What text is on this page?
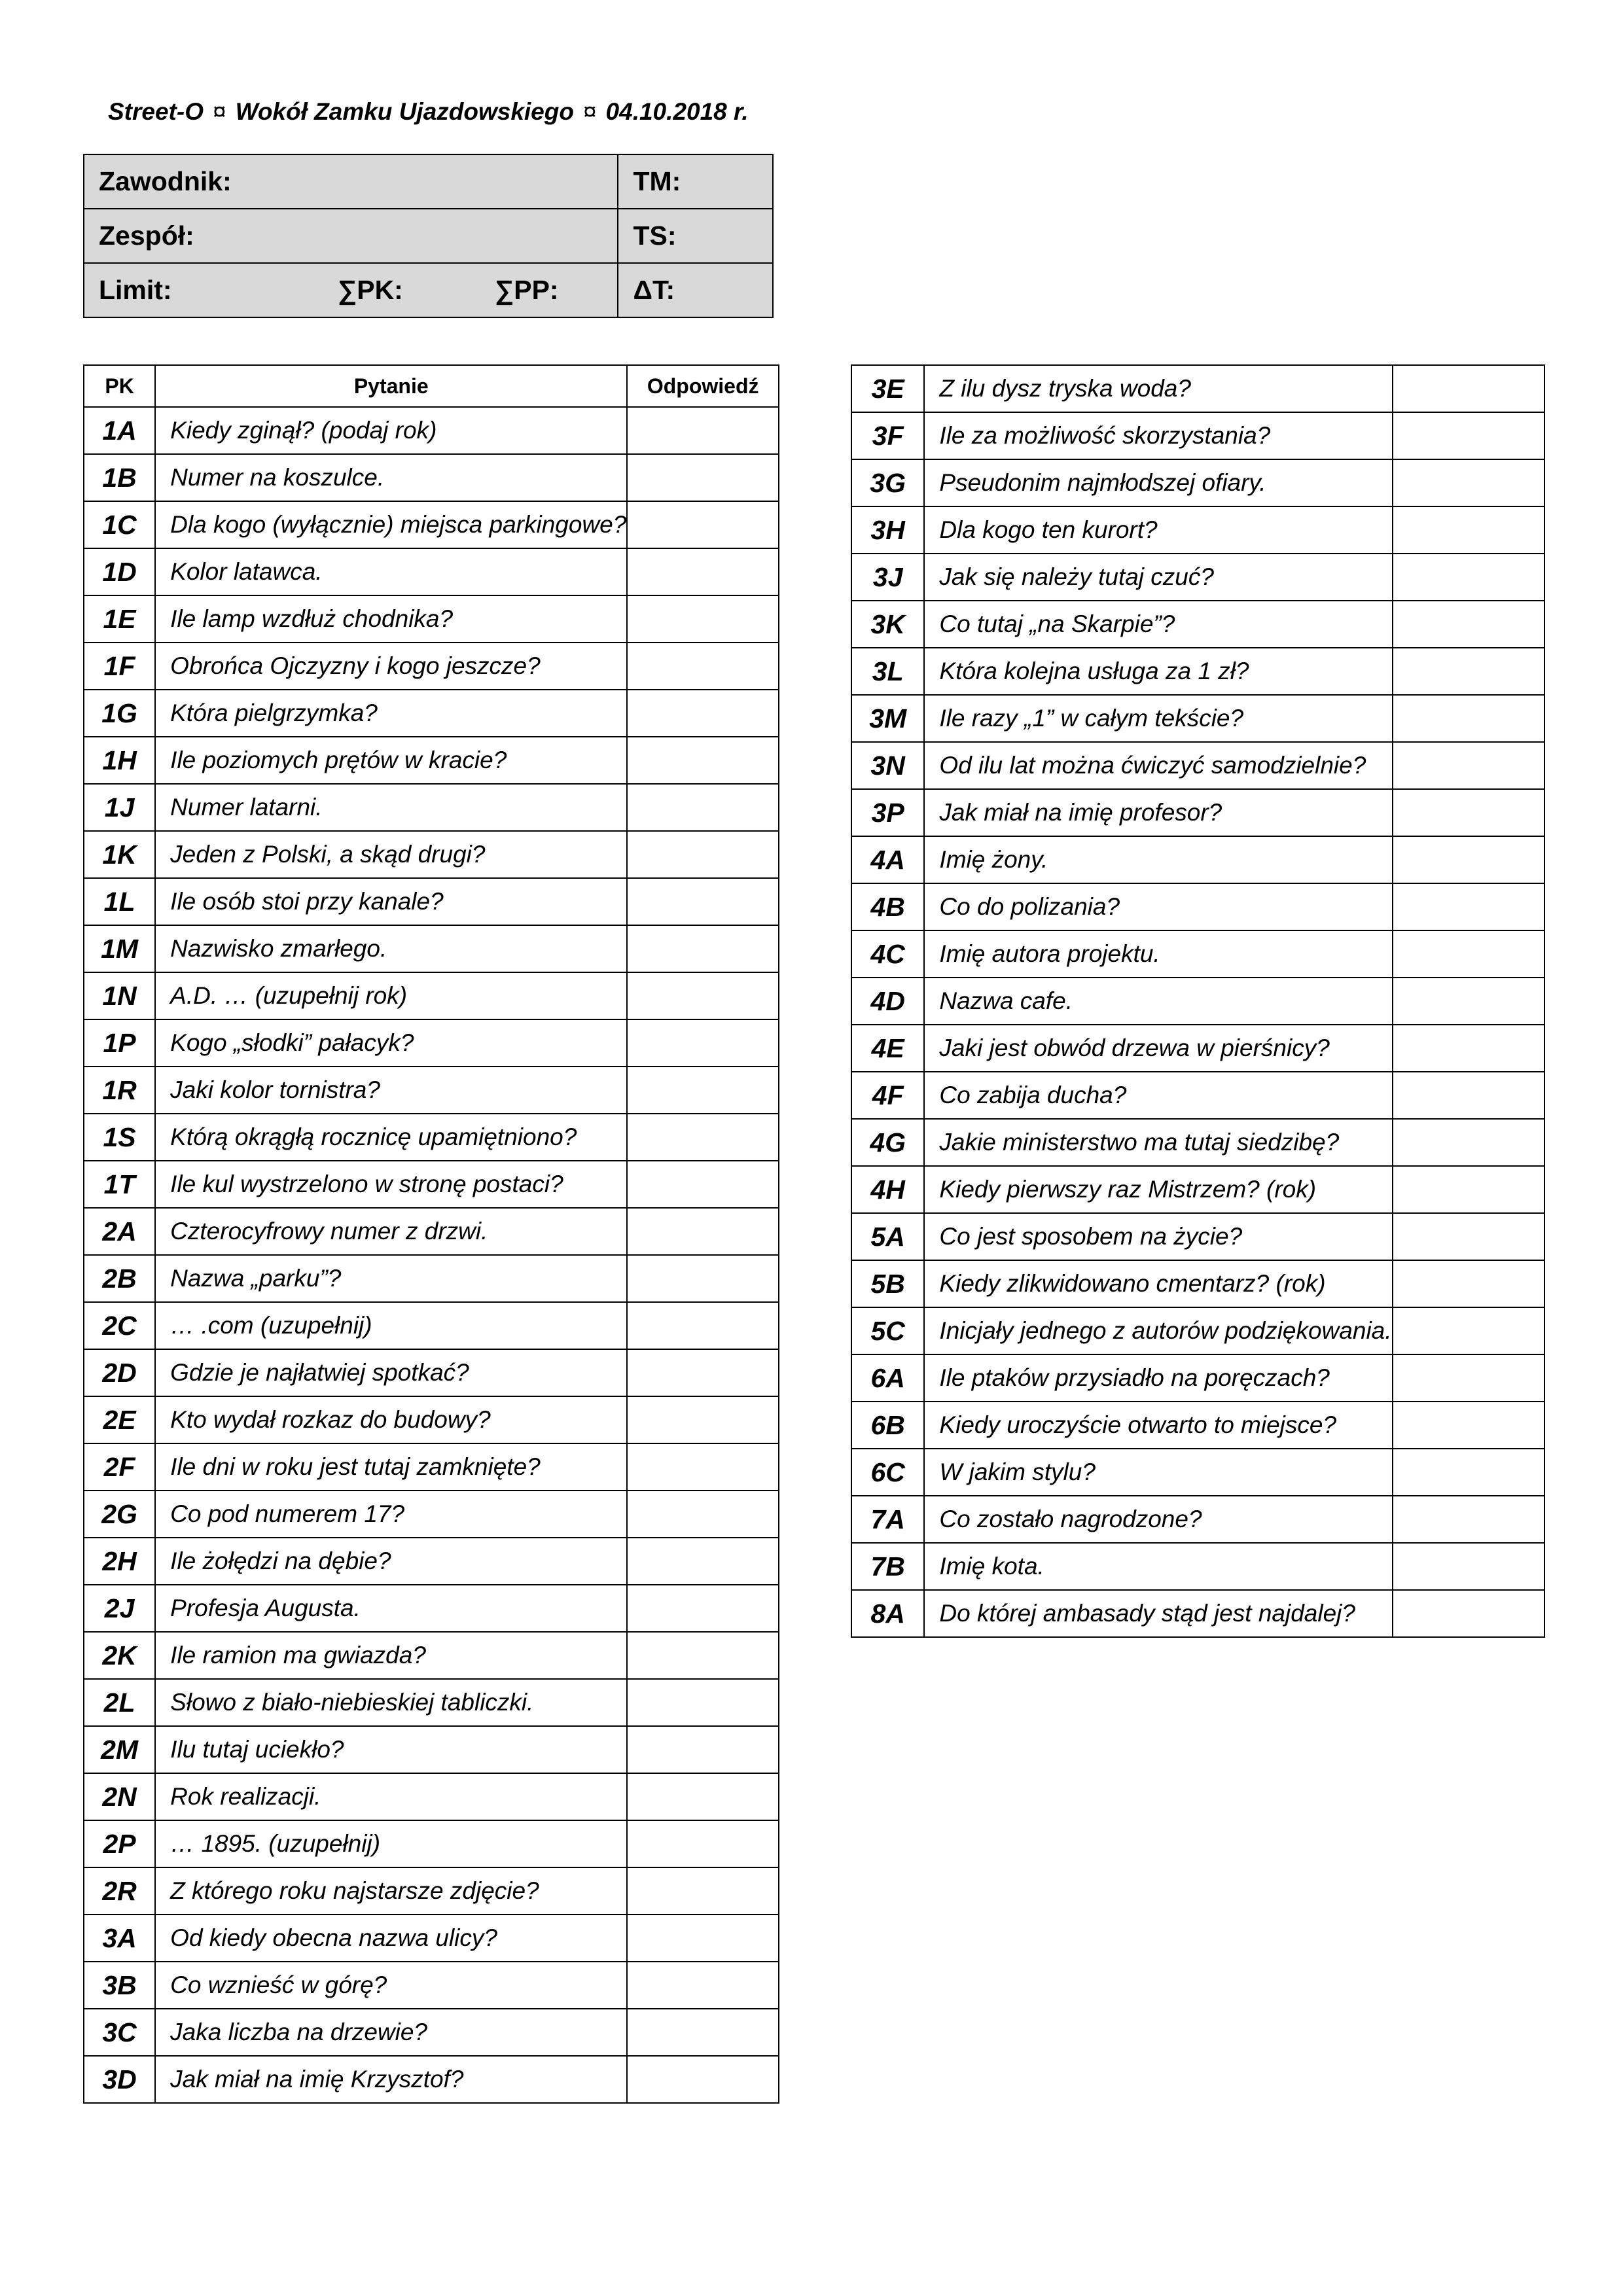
Street-O ¤ Wokół Zamku Ujazdowskiego ¤ 04.10.2018 r.
Zawodnik:	TM:
Zespół:	TS:
Limit: ∑PK: ∑PP:	ΔT:
PK	Pytanie	Odpowiedź
1A	Kiedy zginął? (podaj rok)	
1B	Numer na koszulce.	
1C	Dla kogo (wyłącznie) miejsca parkingowe?	
1D	Kolor latawca.	
1E	Ile lamp wzdłuż chodnika?	
1F	Obrońca Ojczyzny i kogo jeszcze?	
1G	Która pielgrzymka?	
1H	Ile poziomych prętów w kracie?	
1J	Numer latarni.	
1K	Jeden z Polski, a skąd drugi?	
1L	Ile osób stoi przy kanale?	
1M	Nazwisko zmarłego.	
1N	A.D. … (uzupełnij rok)	
1P	Kogo „słodki” pałacyk?	
1R	Jaki kolor tornistra?	
1S	Którą okrągłą rocznicę upamiętniono?	
1T	Ile kul wystrzelono w stronę postaci?	
2A	Czterocyfrowy numer z drzwi.	
2B	Nazwa „parku”?	
2C	… .com (uzupełnij)	
2D	Gdzie je najłatwiej spotkać?	
2E	Kto wydał rozkaz do budowy?	
2F	Ile dni w roku jest tutaj zamknięte?	
2G	Co pod numerem 17?	
2H	Ile żołędzi na dębie?	
2J	Profesja Augusta.	
2K	Ile ramion ma gwiazda?	
2L	Słowo z biało-niebieskiej tabliczki.	
2M	Ilu tutaj uciekło?	
2N	Rok realizacji.	
2P	… 1895. (uzupełnij)	
2R	Z którego roku najstarsze zdjęcie?	
3A	Od kiedy obecna nazwa ulicy?	
3B	Co wznieść w górę?	
3C	Jaka liczba na drzewie?	
3D	Jak miał na imię Krzysztof?	
3E	Z ilu dysz tryska woda?	
3F	Ile za możliwość skorzystania?	
3G	Pseudonim najmłodszej ofiary.	
3H	Dla kogo ten kurort?	
3J	Jak się należy tutaj czuć?	
3K	Co tutaj „na Skarpie”?	
3L	Która kolejna usługa za 1 zł?	
3M	Ile razy „1” w całym tekście?	
3N	Od ilu lat można ćwiczyć samodzielnie?	
3P	Jak miał na imię profesor?	
4A	Imię żony.	
4B	Co do polizania?	
4C	Imię autora projektu.	
4D	Nazwa cafe.	
4E	Jaki jest obwód drzewa w pierśnicy?	
4F	Co zabija ducha?	
4G	Jakie ministerstwo ma tutaj siedzibę?	
4H	Kiedy pierwszy raz Mistrzem? (rok)	
5A	Co jest sposobem na życie?	
5B	Kiedy zlikwidowano cmentarz? (rok)	
5C	Inicjały jednego z autorów podziękowania.	
6A	Ile ptaków przysiadło na poręczach?	
6B	Kiedy uroczyście otwarto to miejsce?	
6C	W jakim stylu?	
7A	Co zostało nagrodzone?	
7B	Imię kota.	
8A	Do której ambasady stąd jest najdalej?	
